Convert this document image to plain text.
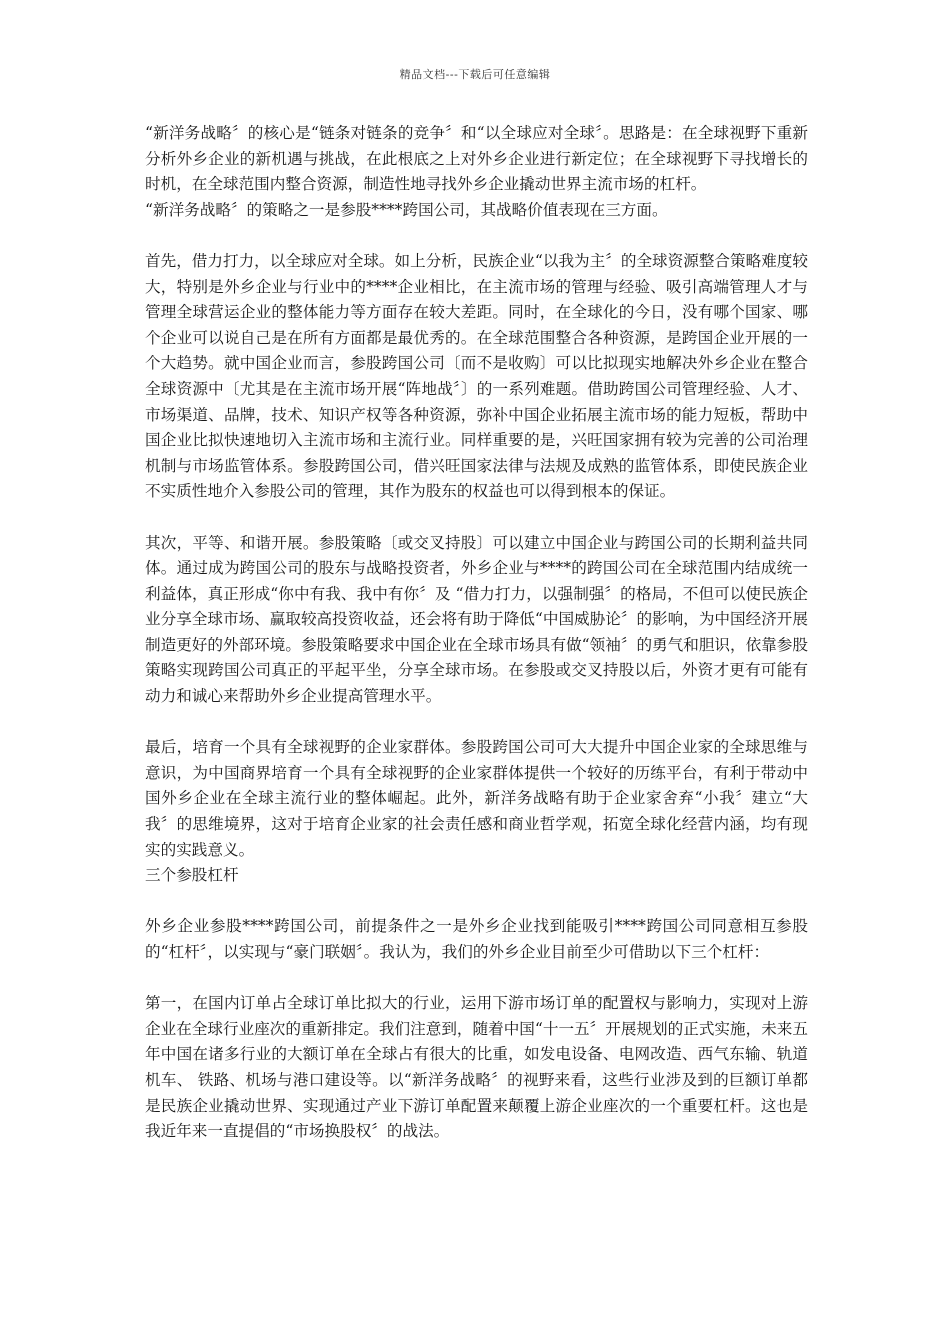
精品文档---下载后可任意编辑

“新洋务战略〞的核心是“链条对链条的竞争〞和“以全球应对全球〞。思路是：在全球视野下重新分析外乡企业的新机遇与挑战，在此根底之上对外乡企业进行新定位；在全球视野下寻找增长的时机，在全球范围内整合资源，制造性地寻找外乡企业撬动世界主流市场的杠杆。

“新洋务战略〞的策略之一是参股****跨国公司，其战略价值表现在三方面。

首先，借力打力，以全球应对全球。如上分析，民族企业“以我为主〞的全球资源整合策略难度较大，特别是外乡企业与行业中的****企业相比，在主流市场的管理与经验、吸引高端管理人才与管理全球营运企业的整体能力等方面存在较大差距。同时，在全球化的今日，没有哪个国家、哪个企业可以说自己是在所有方面都是最优秀的。在全球范围整合各种资源，是跨国企业开展的一个大趋势。就中国企业而言，参股跨国公司〔而不是收购〕可以比拟现实地解决外乡企业在整合全球资源中〔尤其是在主流市场开展“阵地战〞〕的一系列难题。借助跨国公司管理经验、人才、市场渠道、品牌，技术、知识产权等各种资源，弥补中国企业拓展主流市场的能力短板，帮助中国企业比拟快速地切入主流市场和主流行业。同样重要的是，兴旺国家拥有较为完善的公司治理机制与市场监管体系。参股跨国公司，借兴旺国家法律与法规及成熟的监管体系，即使民族企业不实质性地介入参股公司的管理，其作为股东的权益也可以得到根本的保证。

其次，平等、和谐开展。参股策略〔或交叉持股〕可以建立中国企业与跨国公司的长期利益共同体。通过成为跨国公司的股东与战略投资者，外乡企业与****的跨国公司在全球范围内结成统一利益体，真正形成“你中有我、我中有你〞及 “借力打力，以强制强〞的格局，不但可以使民族企业分享全球市场、赢取较高投资收益，还会将有助于降低“中国威胁论〞的影响，为中国经济开展制造更好的外部环境。参股策略要求中国企业在全球市场具有做“领袖〞的勇气和胆识，依靠参股策略实现跨国公司真正的平起平坐，分享全球市场。在参股或交叉持股以后，外资才更有可能有动力和诚心来帮助外乡企业提高管理水平。

最后，培育一个具有全球视野的企业家群体。参股跨国公司可大大提升中国企业家的全球思维与意识，为中国商界培育一个具有全球视野的企业家群体提供一个较好的历练平台，有利于带动中国外乡企业在全球主流行业的整体崛起。此外，新洋务战略有助于企业家舍弃“小我〞建立“大我〞的思维境界，这对于培育企业家的社会责任感和商业哲学观，拓宽全球化经营内涵，均有现实的实践意义。

三个参股杠杆

外乡企业参股****跨国公司，前提条件之一是外乡企业找到能吸引****跨国公司同意相互参股的“杠杆〞，以实现与“豪门联姻〞。我认为，我们的外乡企业目前至少可借助以下三个杠杆：

第一，在国内订单占全球订单比拟大的行业，运用下游市场订单的配置权与影响力，实现对上游企业在全球行业座次的重新排定。我们注意到，随着中国“十一五〞开展规划的正式实施，未来五年中国在诸多行业的大额订单在全球占有很大的比重，如发电设备、电网改造、西气东输、轨道机车、 铁路、机场与港口建设等。以“新洋务战略〞的视野来看，这些行业涉及到的巨额订单都是民族企业撬动世界、实现通过产业下游订单配置来颠覆上游企业座次的一个重要杠杆。这也是我近年来一直提倡的“市场换股权〞的战法。
